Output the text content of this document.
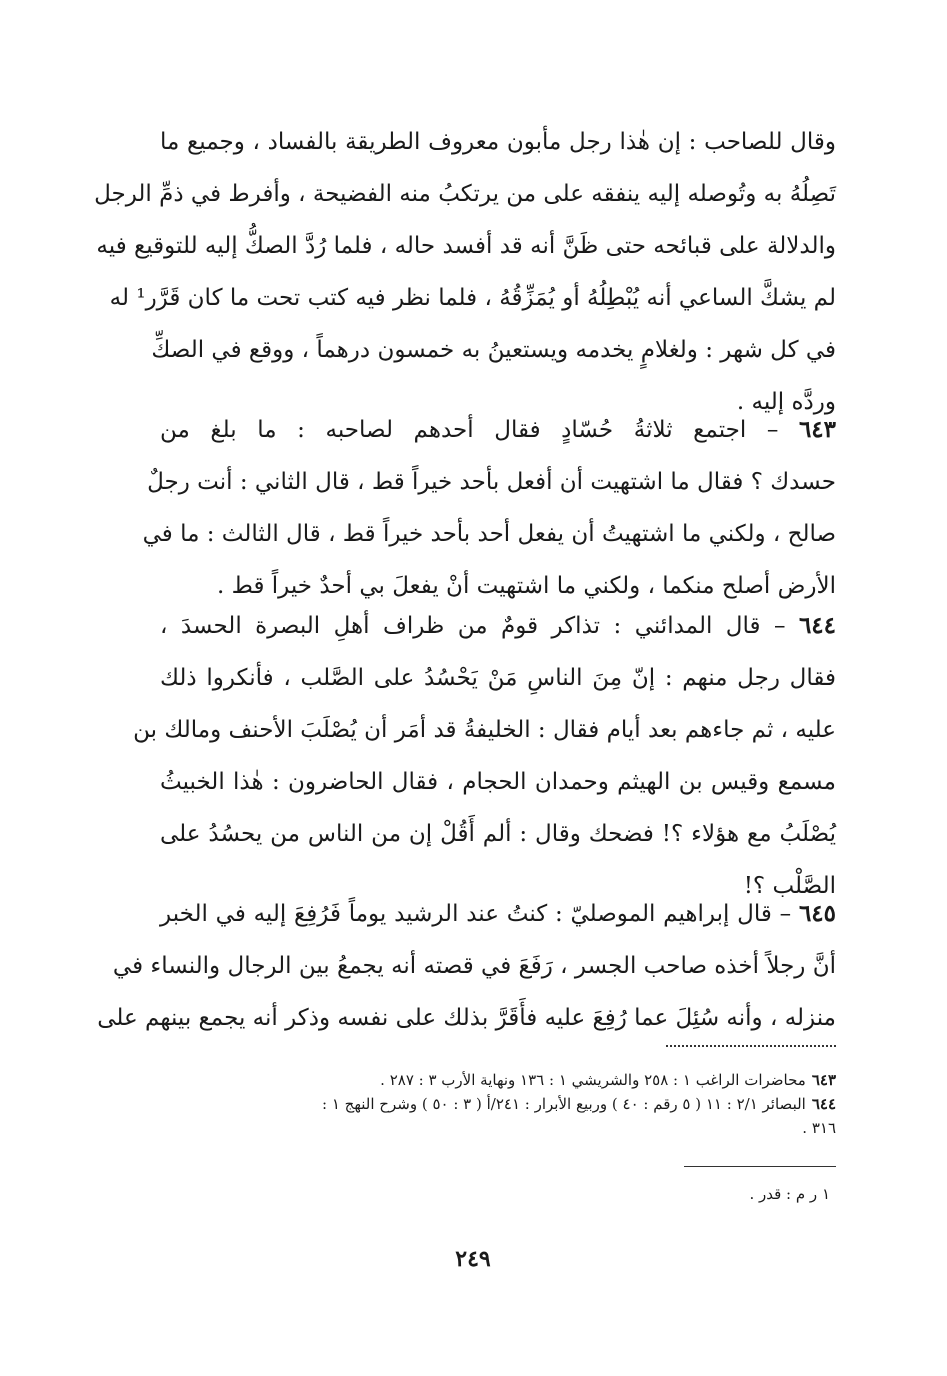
وقال للصاحب : إن هٰذا رجل مأبون معروف الطريقة بالفساد ، وجميع ما
تَصِلُهُ به وتُوصله إليه ينفقه على من يرتكبُ منه الفضيحة ، وأفرط في ذمِّ الرجل
والدلالة على قبائحه حتى ظَنَّ أنه قد أفسد حاله ، فلما رُدَّ الصكُّ إليه للتوقيع فيه
لم يشكَّ الساعي أنه يُبْطِلُهُ أو يُمَزِّقُهُ ، فلما نظر فيه كتب تحت ما كان قَرَّر¹ له
في كل شهر : ولغلامٍ يخدمه ويستعينُ به خمسون درهماً ، ووقع في الصكِّ
وردَّه إليه .
٦٤٣ – اجتمع ثلاثةُ حُسّادٍ فقال أحدهم لصاحبه : ما بلغ من
حسدك ؟ فقال ما اشتهيت أن أفعل بأحد خيراً قط ، قال الثاني : أنت رجلٌ
صالح ، ولكني ما اشتهيتُ أن يفعل أحد بأحد خيراً قط ، قال الثالث : ما في
الأرض أصلح منكما ، ولكني ما اشتهيت أنْ يفعلَ بي أحدٌ خيراً قط .
٦٤٤ – قال المدائني : تذاكر قومٌ من ظراف أهلِ البصرة الحسدَ ،
فقال رجل منهم : إنّ مِنَ الناسِ مَنْ يَحْسُدُ على الصَّلب ، فأنكروا ذلك
عليه ، ثم جاءهم بعد أيام فقال : الخليفةُ قد أمَر أن يُصْلَبَ الأحنف ومالك بن
مسمع وقيس بن الهيثم وحمدان الحجام ، فقال الحاضرون : هٰذا الخبيثُ
يُصْلَبُ مع هؤلاء ؟! فضحك وقال : ألم أَقُلْ إن من الناس من يحسُدُ على
الصَّلْب ؟!
٦٤٥ – قال إبراهيم الموصليّ : كنتُ عند الرشيد يوماً فَرُفِعَ إليه في الخبر
أنَّ رجلاً أخذه صاحب الجسر ، رَفَعَ في قصته أنه يجمعُ بين الرجال والنساء في
منزله ، وأنه سُئِلَ عما رُفِعَ عليه فأَقَرَّ بذلك على نفسه وذكر أنه يجمع بينهم على
٦٤٣محاضرات الراغب ١ : ٢٥٨ والشريشي ١ : ١٣٦ ونهاية الأرب ٣ : ٢٨٧ .
٦٤٤البصائر ٢/١ : ١١ ( ٥ رقم : ٤٠ ) وربيع الأبرار : ٢٤١/أ ( ٣ : ٥٠ ) وشرح النهج ١ :
٣١٦ .
١ ر م : قدر .
٢٤٩
